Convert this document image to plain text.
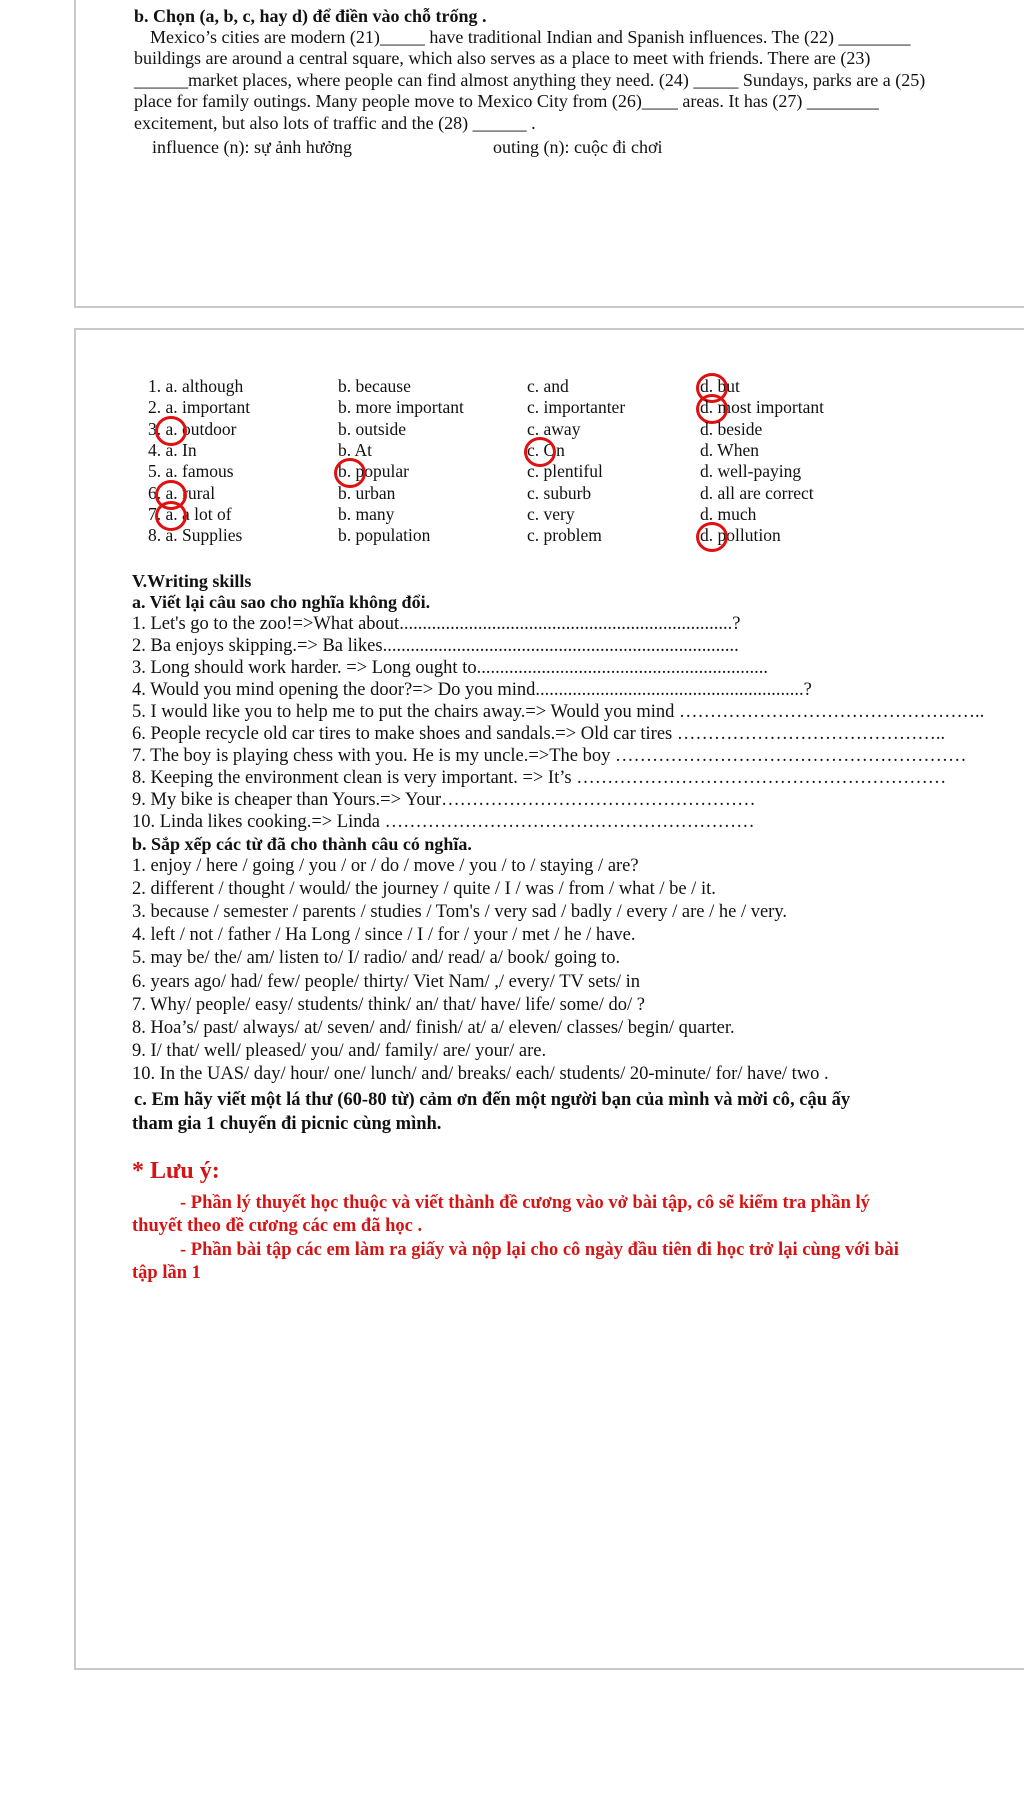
b. Chọn (a, b, c, hay d) để điền vào chỗ trống .
Mexico’s cities are modern (21)_____ have traditional Indian and Spanish influences. The (22) ________
buildings are around a central square, which also serves as a place to meet with friends. There are (23)
______market places, where people can find almost anything they need. (24) _____ Sundays, parks are a (25)
place for family outings. Many people move to Mexico City from (26)____ areas. It has (27) ________
excitement, but also lots of traffic and the (28) ______ .
influence (n): sự ảnh hưởng	outing (n): cuộc đi chơi
1. a. although	b. because	c. and	d. but
2. a. important	b. more important	c. importanter	d. most important
3. a. outdoor	b. outside	c. away	d. beside
4. a. In	b. At	c. On	d. When
5. a. famous	b. popular	c. plentiful	d. well-paying
6. a. rural	b. urban	c. suburb	d. all are correct
7. a. a lot of	b. many	c. very	d. much
8. a. Supplies	b. population	c. problem	d. pollution
V.Writing skills
a. Viết lại câu sao cho nghĩa không đổi.
1. Let's go to the zoo!=>What about........................................................................?
2. Ba enjoys skipping.=> Ba likes.............................................................................
3. Long should work harder. => Long ought to...............................................................
4. Would you mind opening the door?=> Do you mind..........................................................?
5. I would like you to help me to put the chairs away.=> Would you mind …………………………………………..
6. People recycle old car tires to make shoes and sandals.=> Old car tires ……………………………………..
7. The boy is playing chess with you. He is my uncle.=>The boy …………………………………………………
8. Keeping the environment clean is very important. => It’s ……………………………………………………
9. My bike is cheaper than Yours.=> Your……………………………………………
10. Linda likes cooking.=> Linda ……………………………………………………
b. Sắp xếp các từ đã cho thành câu có nghĩa.
1. enjoy / here / going / you / or / do / move / you / to / staying / are?
2. different / thought / would/ the journey / quite / I / was / from / what / be / it.
3. because / semester / parents / studies / Tom's / very sad / badly / every / are / he / very.
4. left / not / father / Ha Long / since / I / for / your / met / he / have.
5. may be/ the/ am/ listen to/ I/ radio/ and/ read/ a/ book/ going to.
6. years ago/ had/ few/ people/ thirty/ Viet Nam/ ,/ every/ TV sets/ in
7. Why/ people/ easy/ students/ think/ an/ that/ have/ life/ some/ do/ ?
8. Hoa’s/ past/ always/ at/ seven/ and/ finish/ at/ a/ eleven/ classes/ begin/ quarter.
9. I/ that/ well/ pleased/ you/ and/ family/ are/ your/ are.
10. In the UAS/ day/ hour/ one/ lunch/ and/ breaks/ each/ students/ 20-minute/ for/ have/ two .
c. Em hãy viết một lá thư (60-80 từ) cảm ơn đến một người bạn của mình và mời cô, cậu ấy
tham gia 1 chuyến đi picnic cùng mình.
* Lưu ý:
- Phần lý thuyết học thuộc và viết thành đề cương vào vở bài tập, cô sẽ kiểm tra phần lý
thuyết theo đề cương các em đã học .
- Phần bài tập các em làm ra giấy và nộp lại cho cô ngày đầu tiên đi học trở lại cùng với bài
tập lần 1
